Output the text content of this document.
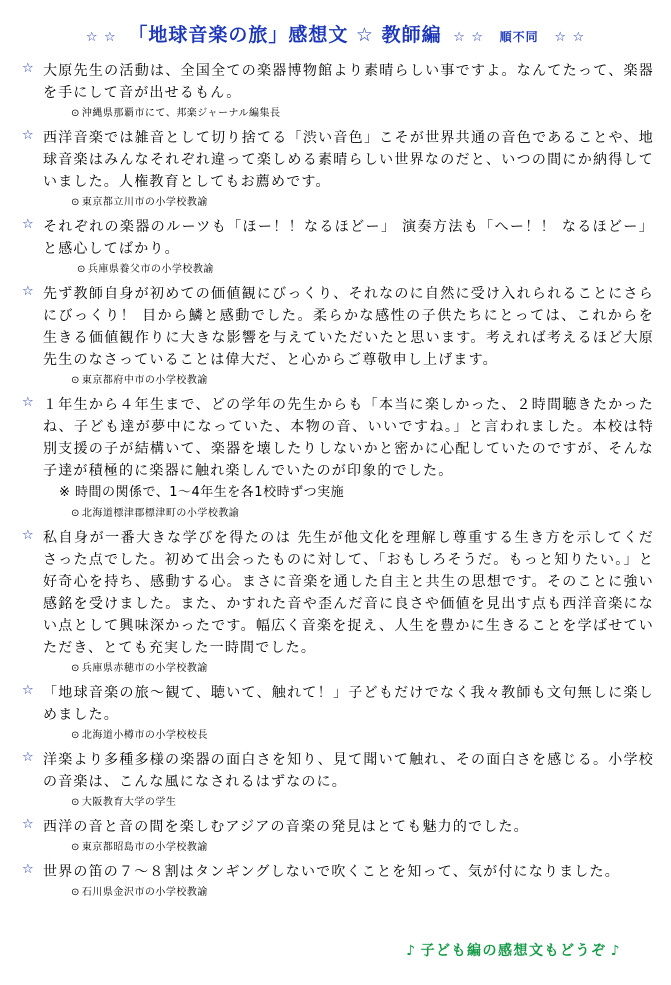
☆ ☆ 「地球音楽の旅」感想文 ☆ 教師編 ☆ ☆ 順不同 ☆ ☆
☆ 大原先生の活動は、全国全ての楽器博物館より素晴らしい事ですよ。なんてたって、楽器を手にして音が出せるもん。
⊙ 沖縄県那覇市にて、邦楽ジャーナル編集長
☆ 西洋音楽では雑音として切り捨てる「渋い音色」こそが世界共通の音色であることや、地球音楽はみんなそれぞれ違って楽しめる素晴らしい世界なのだと、いつの間にか納得していました。人権教育としてもお薦めです。
⊙ 東京都立川市の小学校教諭
☆ それぞれの楽器のルーツも「ほー！！なるほどー」 演奏方法も「へー！！ なるほどー」と感心してばかり。
⊙ 兵庫県養父市の小学校教諭
☆ 先ず教師自身が初めての価値観にびっくり、それなのに自然に受け入れられることにさらにびっくり！ 目から鱗と感動でした。柔らかな感性の子供たちにとっては、これからを生きる価値観作りに大きな影響を与えていただいたと思います。考えれば考えるほど大原先生のなさっていることは偉大だ、と心からご尊敬申し上げます。
⊙ 東京都府中市の小学校教諭
☆ １年生から４年生まで、どの学年の先生からも「本当に楽しかった、２時間聴きたかったね、子ども達が夢中になっていた、本物の音、いいですね。」と言われました。本校は特別支援の子が結構いて、楽器を壊したりしないかと密かに心配していたのですが、そんな子達が積極的に楽器に触れ楽しんでいたのが印象的でした。
※ 時間の関係で、1～4年生を各1校時ずつ実施
⊙ 北海道標津郡標津町の小学校教諭
☆ 私自身が一番大きな学びを得たのは 先生が他文化を理解し尊重する生き方を示してくださった点でした。初めて出会ったものに対して、「おもしろそうだ。もっと知りたい。」と好奇心を持ち、感動する心。まさに音楽を通した自主と共生の思想です。そのことに強い感銘を受けました。また、かすれた音や歪んだ音に良さや価値を見出す点も西洋音楽にない点として興味深かったです。幅広く音楽を捉え、人生を豊かに生きることを学ばせていただき、とても充実した一時間でした。
⊙ 兵庫県赤穂市の小学校教諭
☆ 「地球音楽の旅～観て、聴いて、触れて！」子どもだけでなく我々教師も文句無しに楽しめました。
⊙ 北海道小樽市の小学校校長
☆ 洋楽より多種多様の楽器の面白さを知り、見て聞いて触れ、その面白さを感じる。小学校の音楽は、こんな風になされるはずなのに。
⊙ 大阪教育大学の学生
☆ 西洋の音と音の間を楽しむアジアの音楽の発見はとても魅力的でした。
⊙ 東京都昭島市の小学校教諭
☆ 世界の笛の７～８割はタンギングしないで吹くことを知って、気が付になりました。
⊙ 石川県金沢市の小学校教諭
♪ 子ども編の感想文もどうぞ ♪
